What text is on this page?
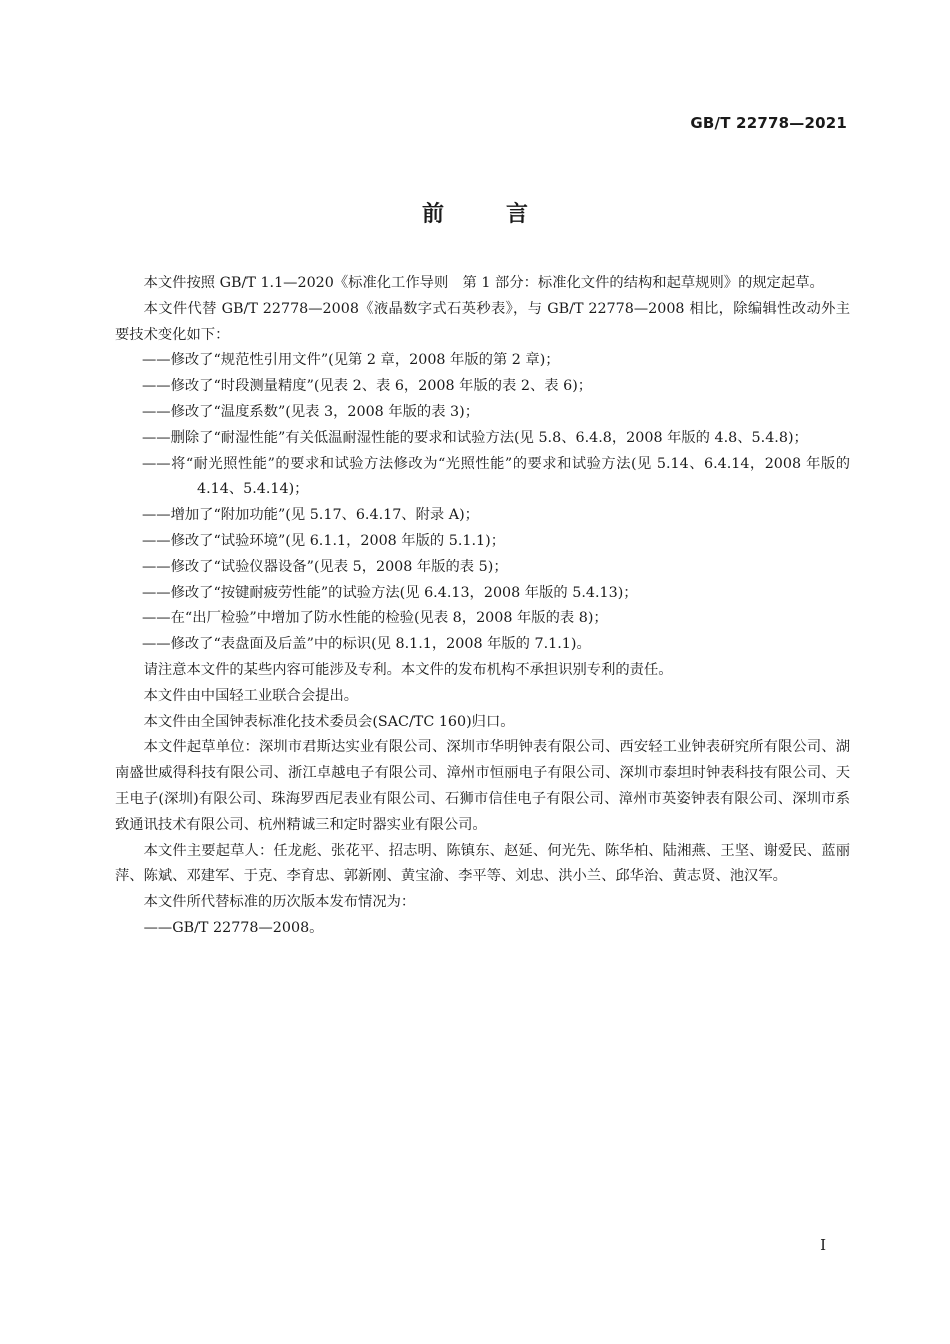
GB/T 22778—2021
前	言

本文件按照 GB/T 1.1—2020《标准化工作导则　第 1 部分：标准化文件的结构和起草规则》的规定起草。

本文件代替 GB/T 22778—2008《液晶数字式石英秒表》，与 GB/T 22778—2008 相比，除编辑性改动外主要技术变化如下：

——修改了“规范性引用文件”(见第 2 章，2008 年版的第 2 章)；

——修改了“时段测量精度”(见表 2、表 6，2008 年版的表 2、表 6)；

——修改了“温度系数”(见表 3，2008 年版的表 3)；

——删除了“耐湿性能”有关低温耐湿性能的要求和试验方法(见 5.8、6.4.8，2008 年版的 4.8、5.4.8)；

——将“耐光照性能”的要求和试验方法修改为“光照性能”的要求和试验方法(见 5.14、6.4.14，2008 年版的 4.14、5.4.14)；

——增加了“附加功能”(见 5.17、6.4.17、附录 A)；

——修改了“试验环境”(见 6.1.1，2008 年版的 5.1.1)；

——修改了“试验仪器设备”(见表 5，2008 年版的表 5)；

——修改了“按键耐疲劳性能”的试验方法(见 6.4.13，2008 年版的 5.4.13)；

——在“出厂检验”中增加了防水性能的检验(见表 8，2008 年版的表 8)；

——修改了“表盘面及后盖”中的标识(见 8.1.1，2008 年版的 7.1.1)。

请注意本文件的某些内容可能涉及专利。本文件的发布机构不承担识别专利的责任。

本文件由中国轻工业联合会提出。

本文件由全国钟表标准化技术委员会(SAC/TC 160)归口。

本文件起草单位：深圳市君斯达实业有限公司、深圳市华明钟表有限公司、西安轻工业钟表研究所有限公司、湖南盛世威得科技有限公司、浙江卓越电子有限公司、漳州市恒丽电子有限公司、深圳市泰坦时钟表科技有限公司、天王电子(深圳)有限公司、珠海罗西尼表业有限公司、石狮市信佳电子有限公司、漳州市英姿钟表有限公司、深圳市系致通讯技术有限公司、杭州精诚三和定时器实业有限公司。

本文件主要起草人：任龙彪、张花平、招志明、陈镇东、赵延、何光先、陈华柏、陆湘燕、王坚、谢爱民、蓝丽萍、陈斌、邓建军、于克、李育忠、郭新刚、黄宝渝、李平等、刘忠、洪小兰、邱华治、黄志贤、池汉军。

本文件所代替标准的历次版本发布情况为：

——GB/T 22778—2008。

I
